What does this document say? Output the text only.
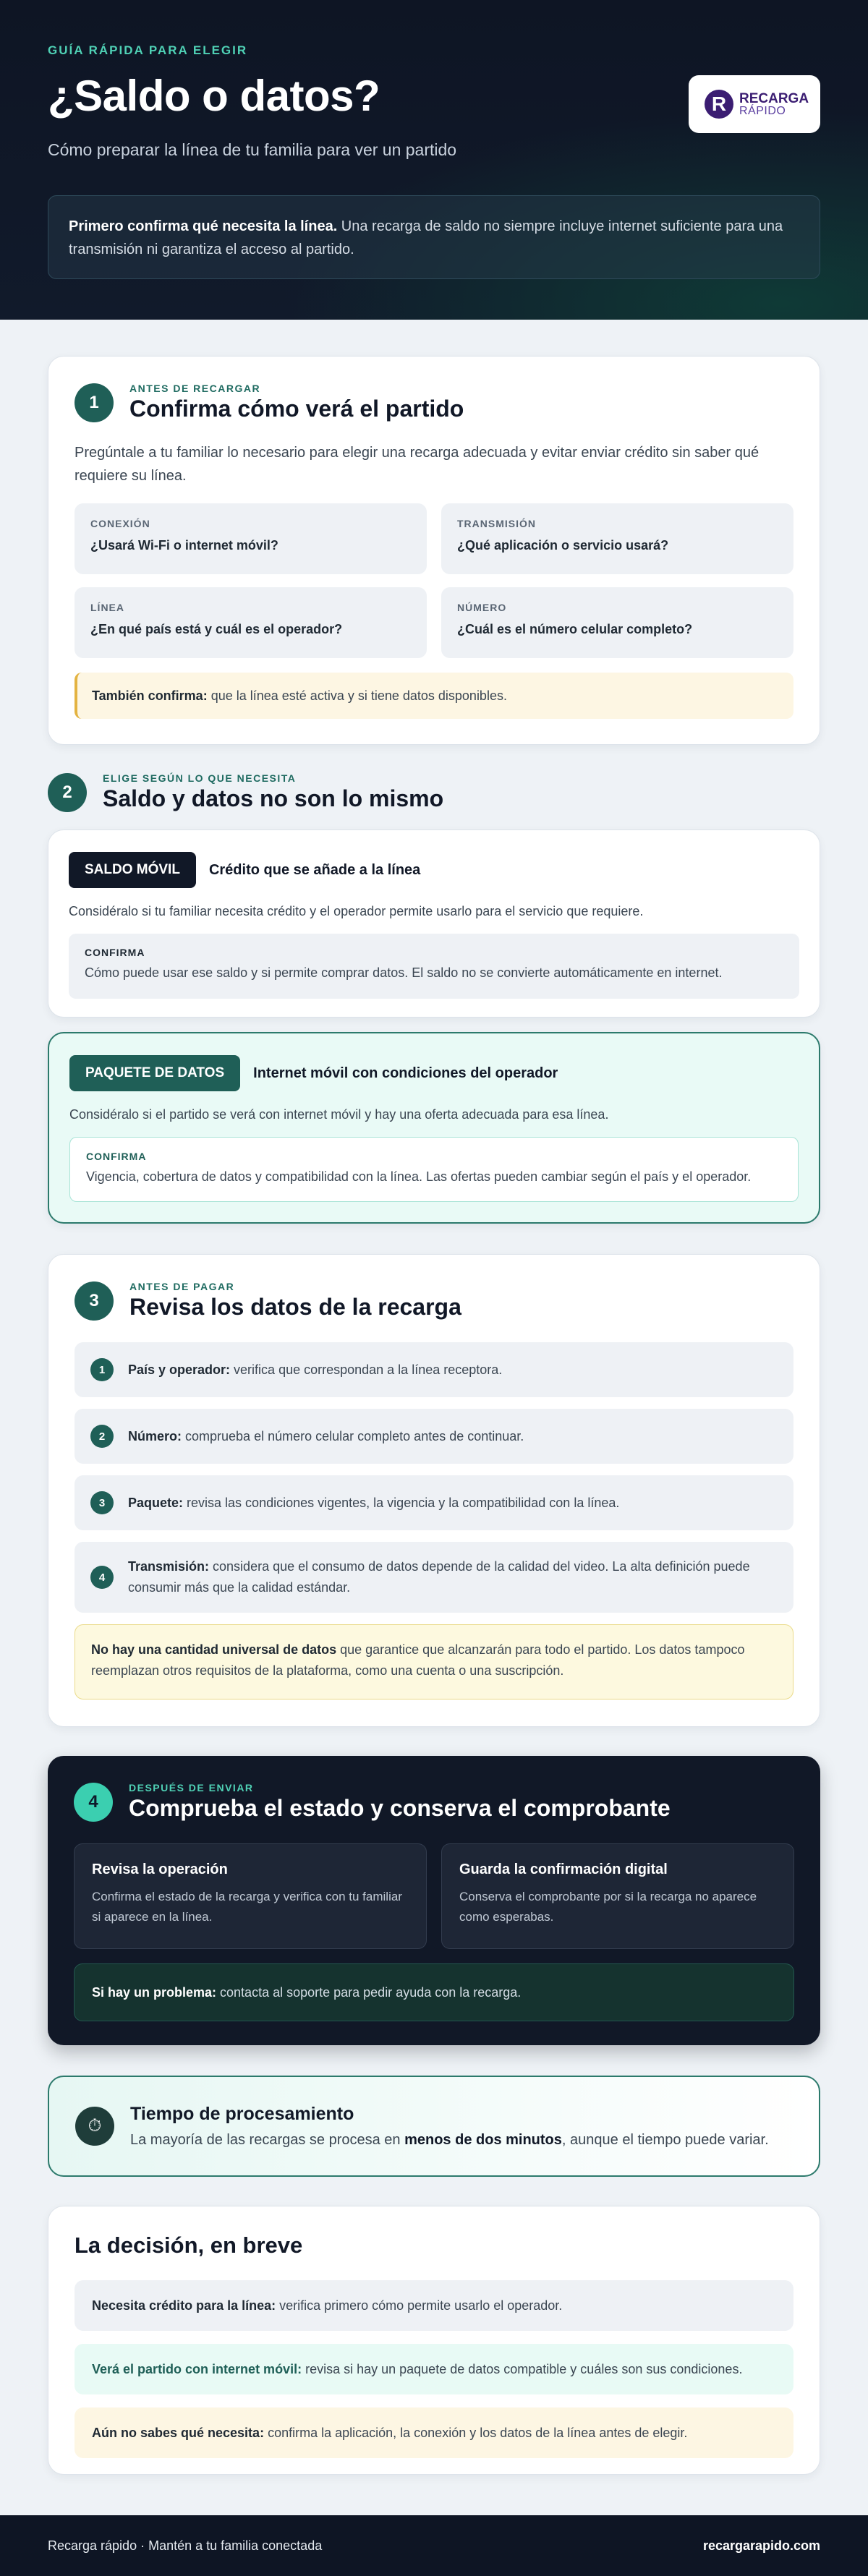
GUÍA RÁPIDA PARA ELEGIR
¿Saldo o datos?
Cómo preparar la línea de tu familia para ver un partido
R RECARGA
RÁPIDO
Primero confirma qué necesita la línea. Una recarga de saldo no siempre incluye internet suficiente para una transmisión ni garantiza el acceso al partido.
1
ANTES DE RECARGAR
Confirma cómo verá el partido

Pregúntale a tu familiar lo necesario para elegir una recarga adecuada y evitar enviar crédito sin saber qué requiere su línea.

CONEXIÓN
¿Usará Wi-Fi o internet móvil?
TRANSMISIÓN
¿Qué aplicación o servicio usará?
LÍNEA
¿En qué país está y cuál es el operador?
NÚMERO
¿Cuál es el número celular completo?
También confirma: que la línea esté activa y si tiene datos disponibles.
2
ELIGE SEGÚN LO QUE NECESITA
Saldo y datos no son lo mismo
SALDO MÓVIL	Crédito que se añade a la línea

Considéralo si tu familiar necesita crédito y el operador permite usarlo para el servicio que requiere.

CONFIRMA
Cómo puede usar ese saldo y si permite comprar datos. El saldo no se convierte automáticamente en internet.
PAQUETE DE DATOS	Internet móvil con condiciones del operador

Considéralo si el partido se verá con internet móvil y hay una oferta adecuada para esa línea.

CONFIRMA
Vigencia, cobertura de datos y compatibilidad con la línea. Las ofertas pueden cambiar según el país y el operador.
3
ANTES DE PAGAR
Revisa los datos de la recarga
1	País y operador: verifica que correspondan a la línea receptora.
2	Número: comprueba el número celular completo antes de continuar.
3	Paquete: revisa las condiciones vigentes, la vigencia y la compatibilidad con la línea.
4
Transmisión: considera que el consumo de datos depende de la calidad del video. La alta definición puede consumir más que la calidad estándar.
No hay una cantidad universal de datos que garantice que alcanzarán para todo el partido. Los datos tampoco reemplazan otros requisitos de la plataforma, como una cuenta o una suscripción.
4
DESPUÉS DE ENVIAR
Comprueba el estado y conserva el comprobante
Revisa la operación
Confirma el estado de la recarga y verifica con tu familiar si aparece en la línea.
Guarda la confirmación digital
Conserva el comprobante por si la recarga no aparece como esperabas.
Si hay un problema: contacta al soporte para pedir ayuda con la recarga.
⏱
Tiempo de procesamiento
La mayoría de las recargas se procesa en menos de dos minutos, aunque el tiempo puede variar.
La decisión, en breve
Necesita crédito para la línea: verifica primero cómo permite usarlo el operador.
Verá el partido con internet móvil: revisa si hay un paquete de datos compatible y cuáles son sus condiciones.
Aún no sabes qué necesita: confirma la aplicación, la conexión y los datos de la línea antes de elegir.
Recarga rápido · Mantén a tu familia conectada	recargarapido.com
